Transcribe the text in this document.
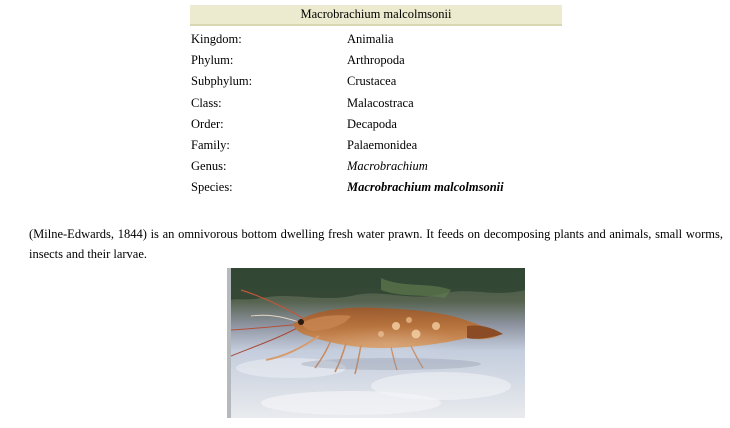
Macrobrachium malcolmsonii
Kingdom:	Animalia
Phylum:	Arthropoda
Subphylum:	Crustacea
Class:	Malacostraca
Order:	Decapoda
Family:	Palaemonidea
Genus:	Macrobrachium
Species:	Macrobrachium malcolmsonii

(Milne-Edwards, 1844) is an omnivorous bottom dwelling fresh water prawn. It feeds on decomposing plants and animals, small worms, insects and their larvae.
